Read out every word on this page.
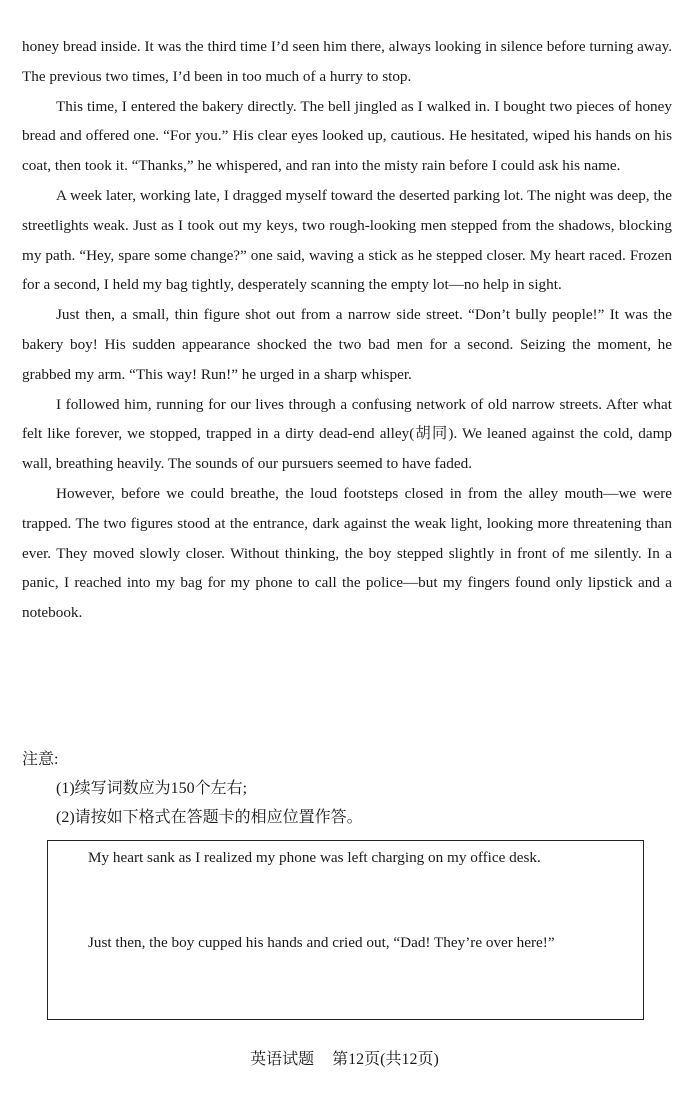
honey bread inside. It was the third time I’d seen him there, always looking in silence before turning away. The previous two times, I’d been in too much of a hurry to stop.

This time, I entered the bakery directly. The bell jingled as I walked in. I bought two pieces of honey bread and offered one. “For you.” His clear eyes looked up, cautious. He hesitated, wiped his hands on his coat, then took it. “Thanks,” he whispered, and ran into the misty rain before I could ask his name.

A week later, working late, I dragged myself toward the deserted parking lot. The night was deep, the streetlights weak. Just as I took out my keys, two rough-looking men stepped from the shadows, blocking my path. “Hey, spare some change?” one said, waving a stick as he stepped closer. My heart raced. Frozen for a second, I held my bag tightly, desperately scanning the empty lot—no help in sight.

Just then, a small, thin figure shot out from a narrow side street. “Don’t bully people!” It was the bakery boy! His sudden appearance shocked the two bad men for a second. Seizing the moment, he grabbed my arm. “This way! Run!” he urged in a sharp whisper.

I followed him, running for our lives through a confusing network of old narrow streets. After what felt like forever, we stopped, trapped in a dirty dead-end alley(胡同). We leaned against the cold, damp wall, breathing heavily. The sounds of our pursuers seemed to have faded.

However, before we could breathe, the loud footsteps closed in from the alley mouth—we were trapped. The two figures stood at the entrance, dark against the weak light, looking more threatening than ever. They moved slowly closer. Without thinking, the boy stepped slightly in front of me silently. In a panic, I reached into my bag for my phone to call the police—but my fingers found only lipstick and a notebook.

注意:

(1)续写词数应为150个左右;

(2)请按如下格式在答题卡的相应位置作答。

My heart sank as I realized my phone was left charging on my office desk.
Just then, the boy cupped his hands and cried out, “Dad! They’re over here!”
英语试题 第12页(共12页)
